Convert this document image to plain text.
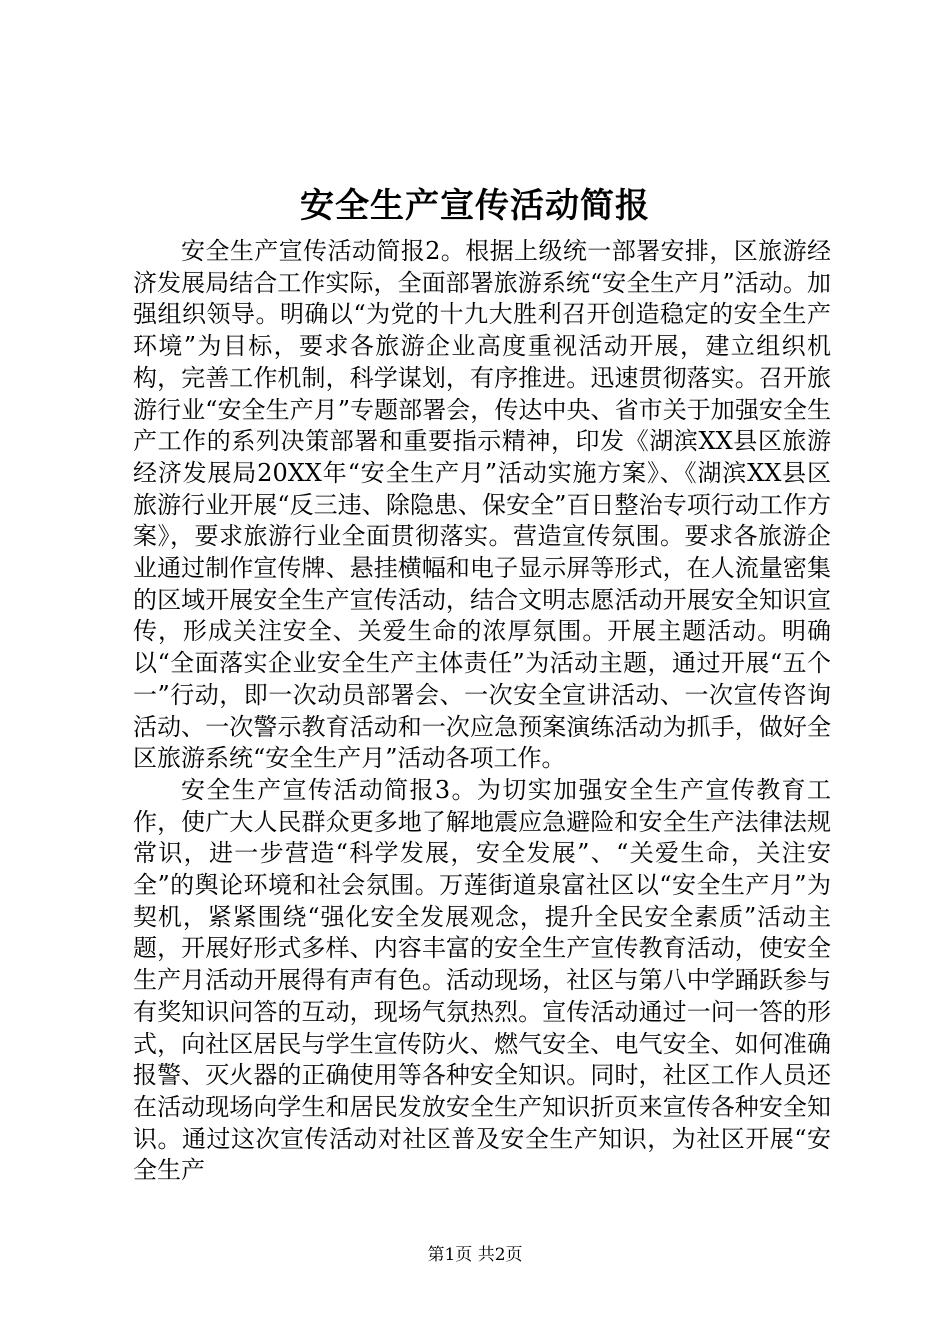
安全生产宣传活动简报

安全生产宣传活动简报2。根据上级统一部署安排，区旅游经济发展局结合工作实际，全面部署旅游系统“安全生产月”活动。加强组织领导。明确以“为党的十九大胜利召开创造稳定的安全生产环境”为目标，要求各旅游企业高度重视活动开展，建立组织机构，完善工作机制，科学谋划，有序推进。迅速贯彻落实。召开旅游行业“安全生产月”专题部署会，传达中央、省市关于加强安全生产工作的系列决策部署和重要指示精神，印发《湖滨XX县区旅游经济发展局20XX年“安全生产月”活动实施方案》、《湖滨XX县区旅游行业开展“反三违、除隐患、保安全”百日整治专项行动工作方案》，要求旅游行业全面贯彻落实。营造宣传氛围。要求各旅游企业通过制作宣传牌、悬挂横幅和电子显示屏等形式，在人流量密集的区域开展安全生产宣传活动，结合文明志愿活动开展安全知识宣传，形成关注安全、关爱生命的浓厚氛围。开展主题活动。明确以“全面落实企业安全生产主体责任”为活动主题，通过开展“五个一”行动，即一次动员部署会、一次安全宣讲活动、一次宣传咨询活动、一次警示教育活动和一次应急预案演练活动为抓手，做好全区旅游系统“安全生产月”活动各项工作。

安全生产宣传活动简报3。为切实加强安全生产宣传教育工作，使广大人民群众更多地了解地震应急避险和安全生产法律法规常识，进一步营造“科学发展，安全发展”、“关爱生命，关注安全”的舆论环境和社会氛围。万莲街道泉富社区以“安全生产月”为契机，紧紧围绕“强化安全发展观念，提升全民安全素质”活动主题，开展好形式多样、内容丰富的安全生产宣传教育活动，使安全生产月活动开展得有声有色。活动现场，社区与第八中学踊跃参与有奖知识问答的互动，现场气氛热烈。宣传活动通过一问一答的形式，向社区居民与学生宣传防火、燃气安全、电气安全、如何准确报警、灭火器的正确使用等各种安全知识。同时，社区工作人员还在活动现场向学生和居民发放安全生产知识折页来宣传各种安全知识。通过这次宣传活动对社区普及安全生产知识，为社区开展“安全生产

第1页 共2页
